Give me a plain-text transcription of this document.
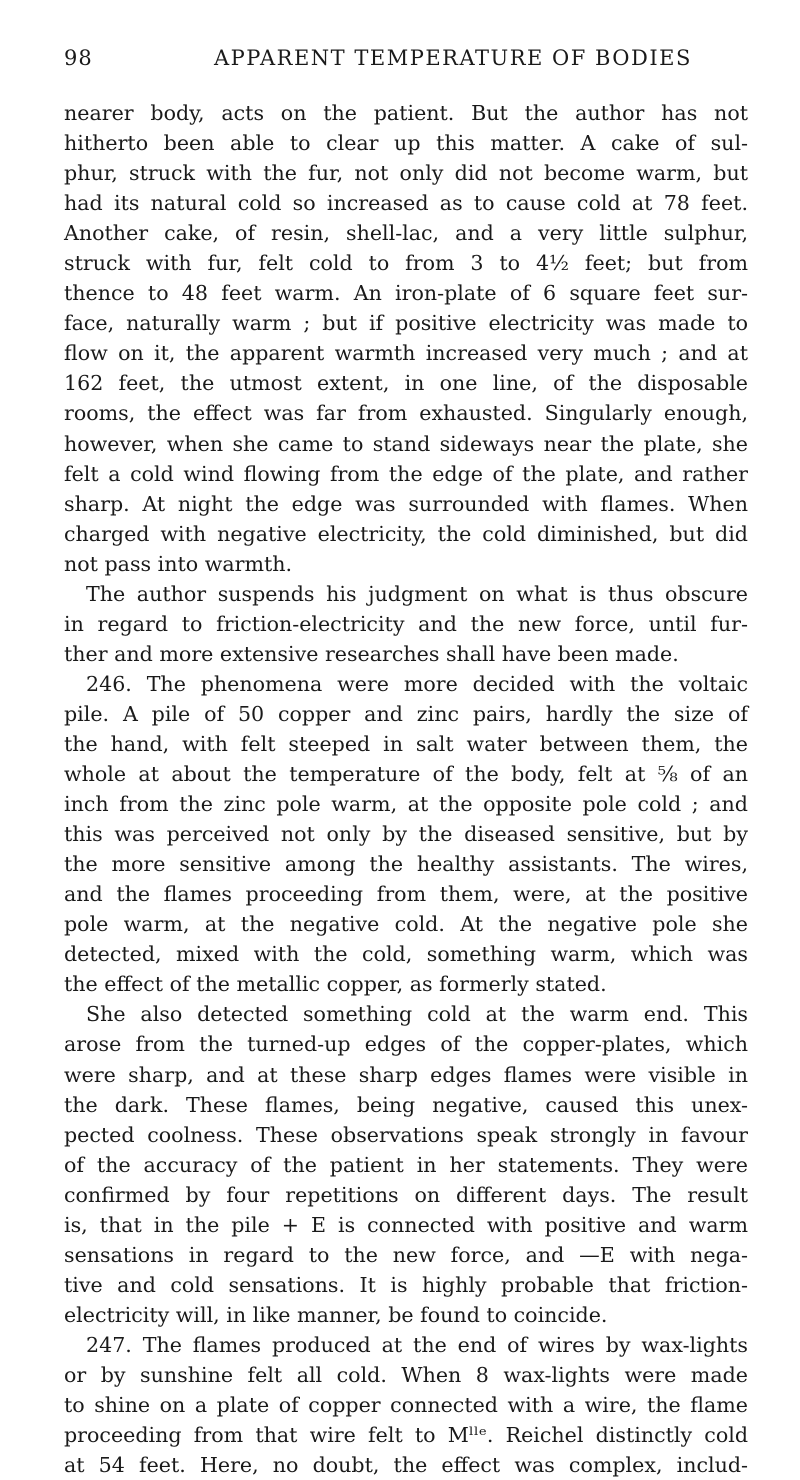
98	APPARENT TEMPERATURE OF BODIES
nearer body, acts on the patient. But the author has not
hitherto been able to clear up this matter. A cake of sul-
phur, struck with the fur, not only did not become warm, but
had its natural cold so increased as to cause cold at 78 feet.
Another cake, of resin, shell-lac, and a very little sulphur,
struck with fur, felt cold to from 3 to 4½ feet; but from
thence to 48 feet warm. An iron-plate of 6 square feet sur-
face, naturally warm ; but if positive electricity was made to
flow on it, the apparent warmth increased very much ; and at
162 feet, the utmost extent, in one line, of the disposable
rooms, the effect was far from exhausted. Singularly enough,
however, when she came to stand sideways near the plate, she
felt a cold wind flowing from the edge of the plate, and rather
sharp. At night the edge was surrounded with flames. When
charged with negative electricity, the cold diminished, but did
not pass into warmth.
The author suspends his judgment on what is thus obscure
in regard to friction-electricity and the new force, until fur-
ther and more extensive researches shall have been made.
246. The phenomena were more decided with the voltaic
pile. A pile of 50 copper and zinc pairs, hardly the size of
the hand, with felt steeped in salt water between them, the
whole at about the temperature of the body, felt at ⅝ of an
inch from the zinc pole warm, at the opposite pole cold ; and
this was perceived not only by the diseased sensitive, but by
the more sensitive among the healthy assistants. The wires,
and the flames proceeding from them, were, at the positive
pole warm, at the negative cold. At the negative pole she
detected, mixed with the cold, something warm, which was
the effect of the metallic copper, as formerly stated.
She also detected something cold at the warm end. This
arose from the turned-up edges of the copper-plates, which
were sharp, and at these sharp edges flames were visible in
the dark. These flames, being negative, caused this unex-
pected coolness. These observations speak strongly in favour
of the accuracy of the patient in her statements. They were
confirmed by four repetitions on different days. The result
is, that in the pile + E is connected with positive and warm
sensations in regard to the new force, and —E with nega-
tive and cold sensations. It is highly probable that friction-
electricity will, in like manner, be found to coincide.
247. The flames produced at the end of wires by wax-lights
or by sunshine felt all cold. When 8 wax-lights were made
to shine on a plate of copper connected with a wire, the flame
proceeding from that wire felt to Mˡˡᵉ. Reichel distinctly cold
at 54 feet. Here, no doubt, the effect was complex, includ-
